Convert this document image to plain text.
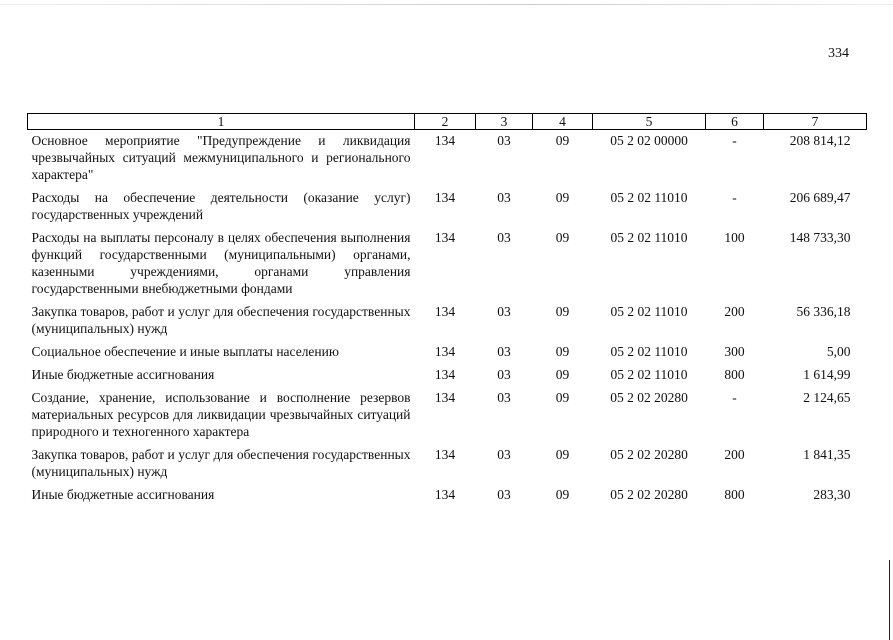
334
1	2	3	4	5	6	7
Основное мероприятие "Предупреждение и ликвидация чрезвычайных ситуаций межмуниципального и регионального характера"	134	03	09	05 2 02 00000	-	208 814,12
Расходы на обеспечение деятельности (оказание услуг) государственных учреждений	134	03	09	05 2 02 11010	-	206 689,47
Расходы на выплаты персоналу в целях обеспечения выполнения функций государственными (муниципальными) органами, казенными учреждениями, органами управления государственными внебюджетными фондами	134	03	09	05 2 02 11010	100	148 733,30
Закупка товаров, работ и услуг для обеспечения государственных (муниципальных) нужд	134	03	09	05 2 02 11010	200	56 336,18
Социальное обеспечение и иные выплаты населению	134	03	09	05 2 02 11010	300	5,00
Иные бюджетные ассигнования	134	03	09	05 2 02 11010	800	1 614,99
Создание, хранение, использование и восполнение резервов материальных ресурсов для ликвидации чрезвычайных ситуаций природного и техногенного характера	134	03	09	05 2 02 20280	-	2 124,65
Закупка товаров, работ и услуг для обеспечения государственных (муниципальных) нужд	134	03	09	05 2 02 20280	200	1 841,35
Иные бюджетные ассигнования	134	03	09	05 2 02 20280	800	283,30
